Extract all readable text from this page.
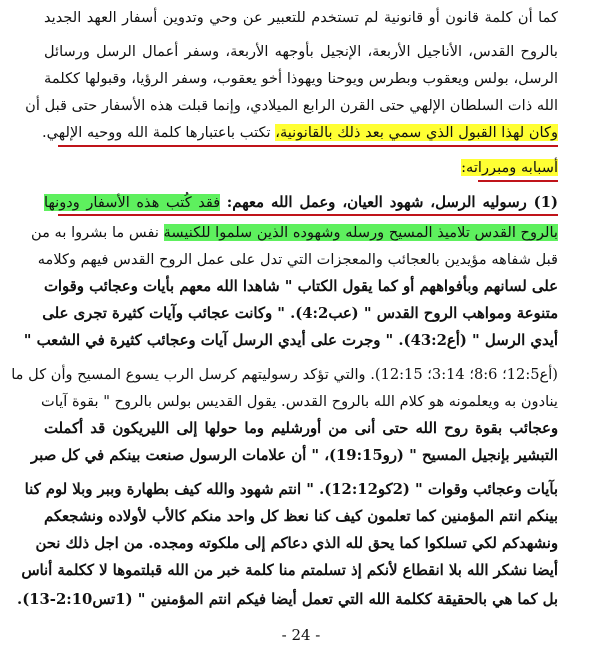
كما أن كلمة قانون أو قانونية لم تستخدم للتعبير عن وحي وتدوين أسفار العهد الجديد
بالروح القدس، الأناجيل الأربعة، الإنجيل بأوجهه الأربعة، وسفر أعمال الرسل ورسائل
الرسل، بولس ويعقوب وبطرس ويوحنا ويهوذا أخو يعقوب، وسفر الرؤيا، وقبولها ككلمة
الله ذات السلطان الإلهي حتى القرن الرابع الميلادي، وإنما قبلت هذه الأسفار حتى قبل أن
وكان لهذا القبول الذي سمي بعد ذلك بالقانونية، تكتب باعتبارها كلمة الله ووحيه الإلهي.
أسبابه ومبرراته:
(1) رسوليه الرسل، شهود العيان، وعمل الله معهم: فقد كُتب هذه الأسفار ودونها
بالروح القدس تلاميذ المسيح ورسله وشهوده الذين سلموا للكنيسة نفس ما بشروا به من
قبل شفاهه مؤيدين بالعجائب والمعجزات التي تدل على عمل الروح القدس فيهم وكلامه
على لسانهم وبأفواههم أو كما يقول الكتاب " شاهدا الله معهم بأيات وعجائب وقوات
متنوعة ومواهب الروح القدس " (عب4:2). " وكانت عجائب وآيات كثيرة تجرى على
أيدي الرسل " (أع43:2). " وجرت على أيدي الرسل آيات وعجائب كثيرة في الشعب "
(أع12:5؛ 8:6؛ 3:14؛ 12:15). والتي تؤكد رسوليتهم كرسل الرب يسوع المسيح وأن كل ما
ينادون به ويعلمونه هو كلام الله بالروح القدس. يقول القديس بولس بالروح " بقوة آيات
وعجائب بقوة روح الله حتى أنى من أورشليم وما حولها إلى الليريكون قد أكملت
التبشير بإنجيل المسيح " (رو19:15)، " أن علامات الرسول صنعت بينكم في كل صبر
بآيات وعجائب وقوات " (2كو12:12). " انتم شهود والله كيف بطهارة وببر وبلا لوم كنا
بينكم انتم المؤمنين كما تعلمون كيف كنا نعظ كل واحد منكم كالأب لأولاده ونشجعكم
ونشهدكم لكي تسلكوا كما يحق لله الذي دعاكم إلى ملكوته ومجده. من اجل ذلك نحن
أيضا نشكر الله بلا انقطاع لأنكم إذ تسلمتم منا كلمة خبر من الله قبلتموها لا ككلمة أناس
بل كما هي بالحقيقة ككلمة الله التي تعمل أيضا فيكم انتم المؤمنين " (1تس2:10-13).
- 24 -
